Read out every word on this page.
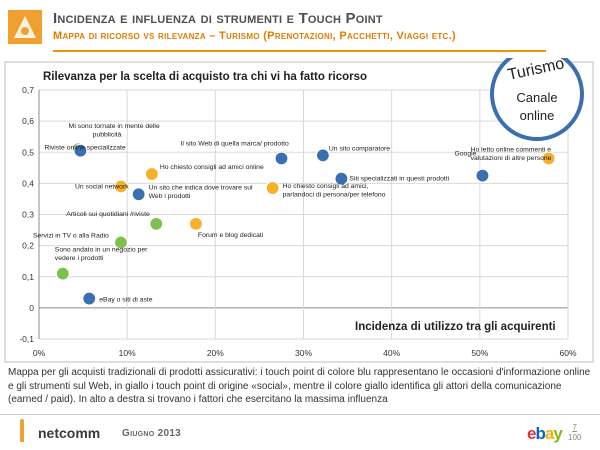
Incidenza e influenza di strumenti e Touch Point
Mappa di ricorso vs rilevanza – Turismo (Prenotazioni, Pacchetti, Viaggi etc.)
-0,1
0
0,1
0,2
0,3
0,4
0,5
0,6
0,7
0%	10%	20%	30%	40%	50%	60%
Mi sono tornate in mente delle pubblicità
Riviste online specializzate
Un social network
Ho chiesto consigli ad amici online
Un sito che indica dove trovare sul Web i prodotti
Il sito Web di quella marca/ prodotto
Un sito comparatore
Ho chiesto consigli ad amici, parlandoci di persona/per telefono
Siti specializzati in questi prodotti
Google
Ho letto online commenti e valutazioni di altre persone
Articoli sui quotidiani /riviste
Servizi in TV o alla Radio	Forum e blog dedicati
Sono andato in un negozio per vedere i prodotti
eBay o siti di aste
Rilevanza per la scelta di acquisto tra chi vi ha fatto ricorso
Incidenza di utilizzo tra gli acquirenti
Turismo
Canale
online
Mappa per gli acquisti tradizionali di prodotti assicurativi: i touch point di colore blu rappresentano le occasioni d'informazione online e gli strumenti sul Web, in giallo i touch point di origine «social», mentre il colore giallo identifica gli attori della comunicazione (earned / paid). In alto a destra si trovano i fattori che esercitano la massima influenza
netcomm Giugno 2013	ebay	7
100
